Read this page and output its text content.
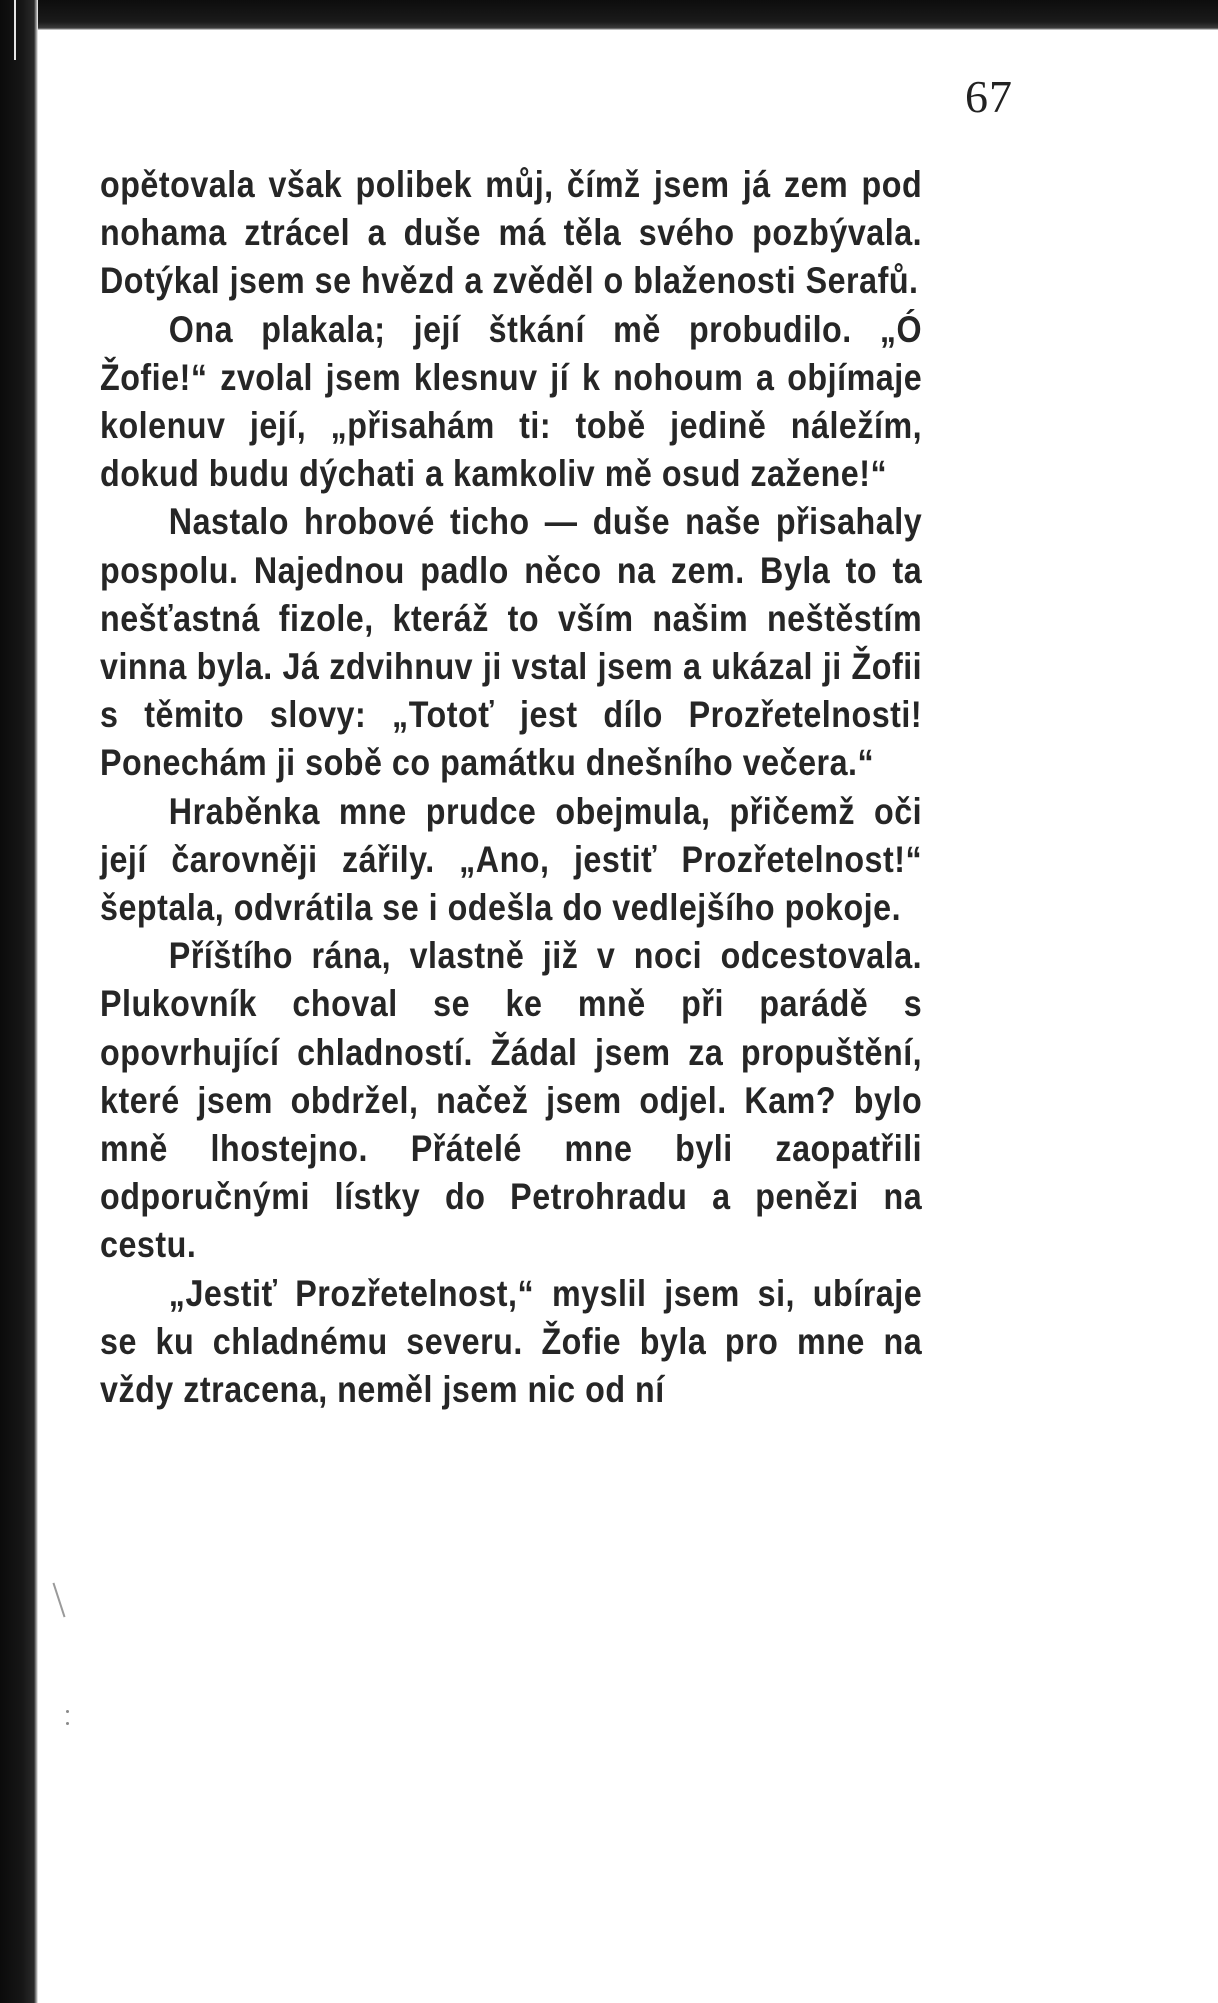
67

opětovala však polibek můj, čímž jsem já zem pod nohama ztrácel a duše má těla svého pozbývala. Dotýkal jsem se hvězd a zvěděl o blaženosti Serafů.

Ona plakala; její štkání mě probudilo. „Ó Žofie!“ zvolal jsem klesnuv jí k nohoum a objímaje kolenuv její, „přisahám ti: tobě jedině náležím, dokud budu dýchati a kamkoliv mě osud zažene!“

Nastalo hrobové ticho — duše naše přisahaly pospolu. Najednou padlo něco na zem. Byla to ta nešťastná fizole, kteráž to vším našim neštěstím vinna byla. Já zdvihnuv ji vstal jsem a ukázal ji Žofii s těmito slovy: „Totoť jest dílo Prozřetelnosti! Ponechám ji sobě co památku dnešního večera.“

Hraběnka mne prudce obejmula, přičemž oči její čarovněji zářily. „Ano, jestiť Prozřetelnost!“ šeptala, odvrátila se i odešla do vedlejšího pokoje.

Příštího rána, vlastně již v noci odcestovala. Plukovník choval se ke mně při parádě s opovrhující chladností. Žádal jsem za propuštění, které jsem obdržel, načež jsem odjel. Kam? bylo mně lhostejno. Přátelé mne byli zaopatřili odporučnými lístky do Petrohradu a penězi na cestu.

„Jestiť Prozřetelnost,“ myslil jsem si, ubíraje se ku chladnému severu. Žofie byla pro mne na vždy ztracena, neměl jsem nic od ní
